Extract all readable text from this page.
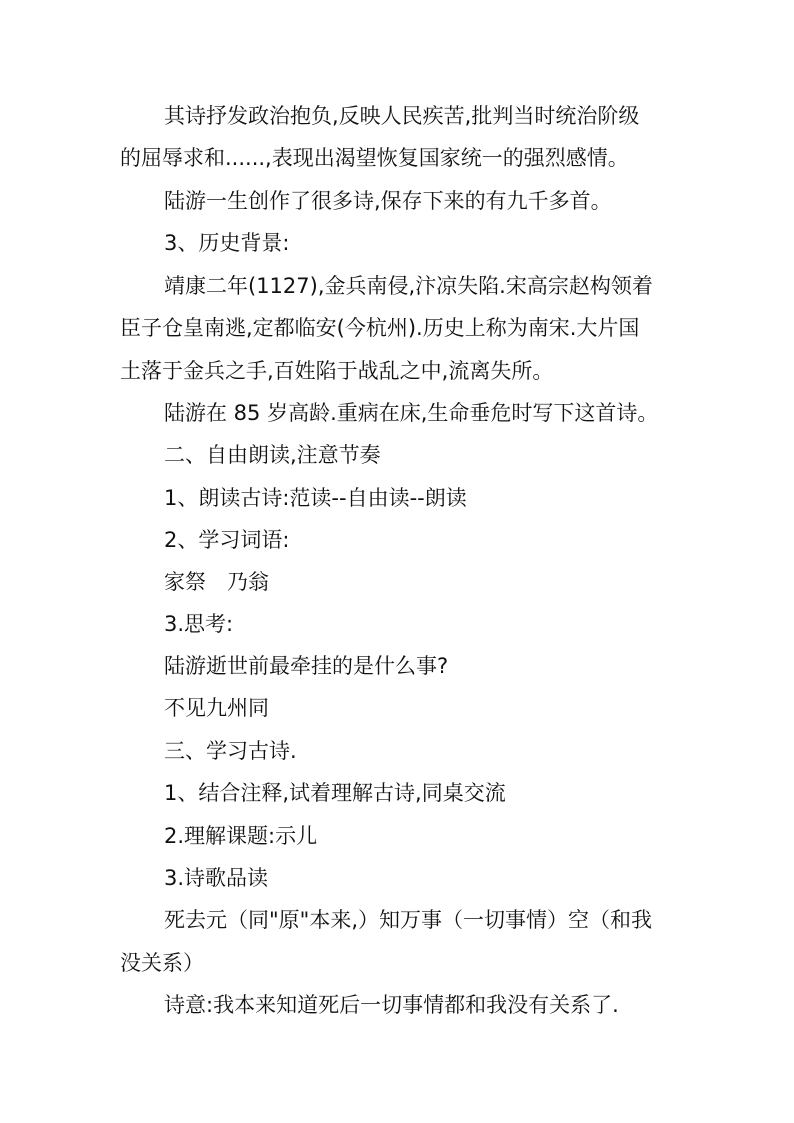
其诗抒发政治抱负,反映人民疾苦,批判当时统治阶级
的屈辱求和......,表现出渴望恢复国家统一的强烈感情。
陆游一生创作了很多诗,保存下来的有九千多首。
3、历史背景:
靖康二年(1127),金兵南侵,汴凉失陷.宋高宗赵构领着
臣子仓皇南逃,定都临安(今杭州).历史上称为南宋.大片国
土落于金兵之手,百姓陷于战乱之中,流离失所。
陆游在 85 岁高龄.重病在床,生命垂危时写下这首诗。
二、自由朗读,注意节奏
1、朗读古诗:范读--自由读--朗读
2、学习词语:
家祭　乃翁
3.思考:
陆游逝世前最牵挂的是什么事?
不见九州同
三、学习古诗.
1、结合注释,试着理解古诗,同桌交流
2.理解课题:示儿
3.诗歌品读
死去元（同"原"本来,）知万事（一切事情）空（和我
没关系）
诗意:我本来知道死后一切事情都和我没有关系了.
